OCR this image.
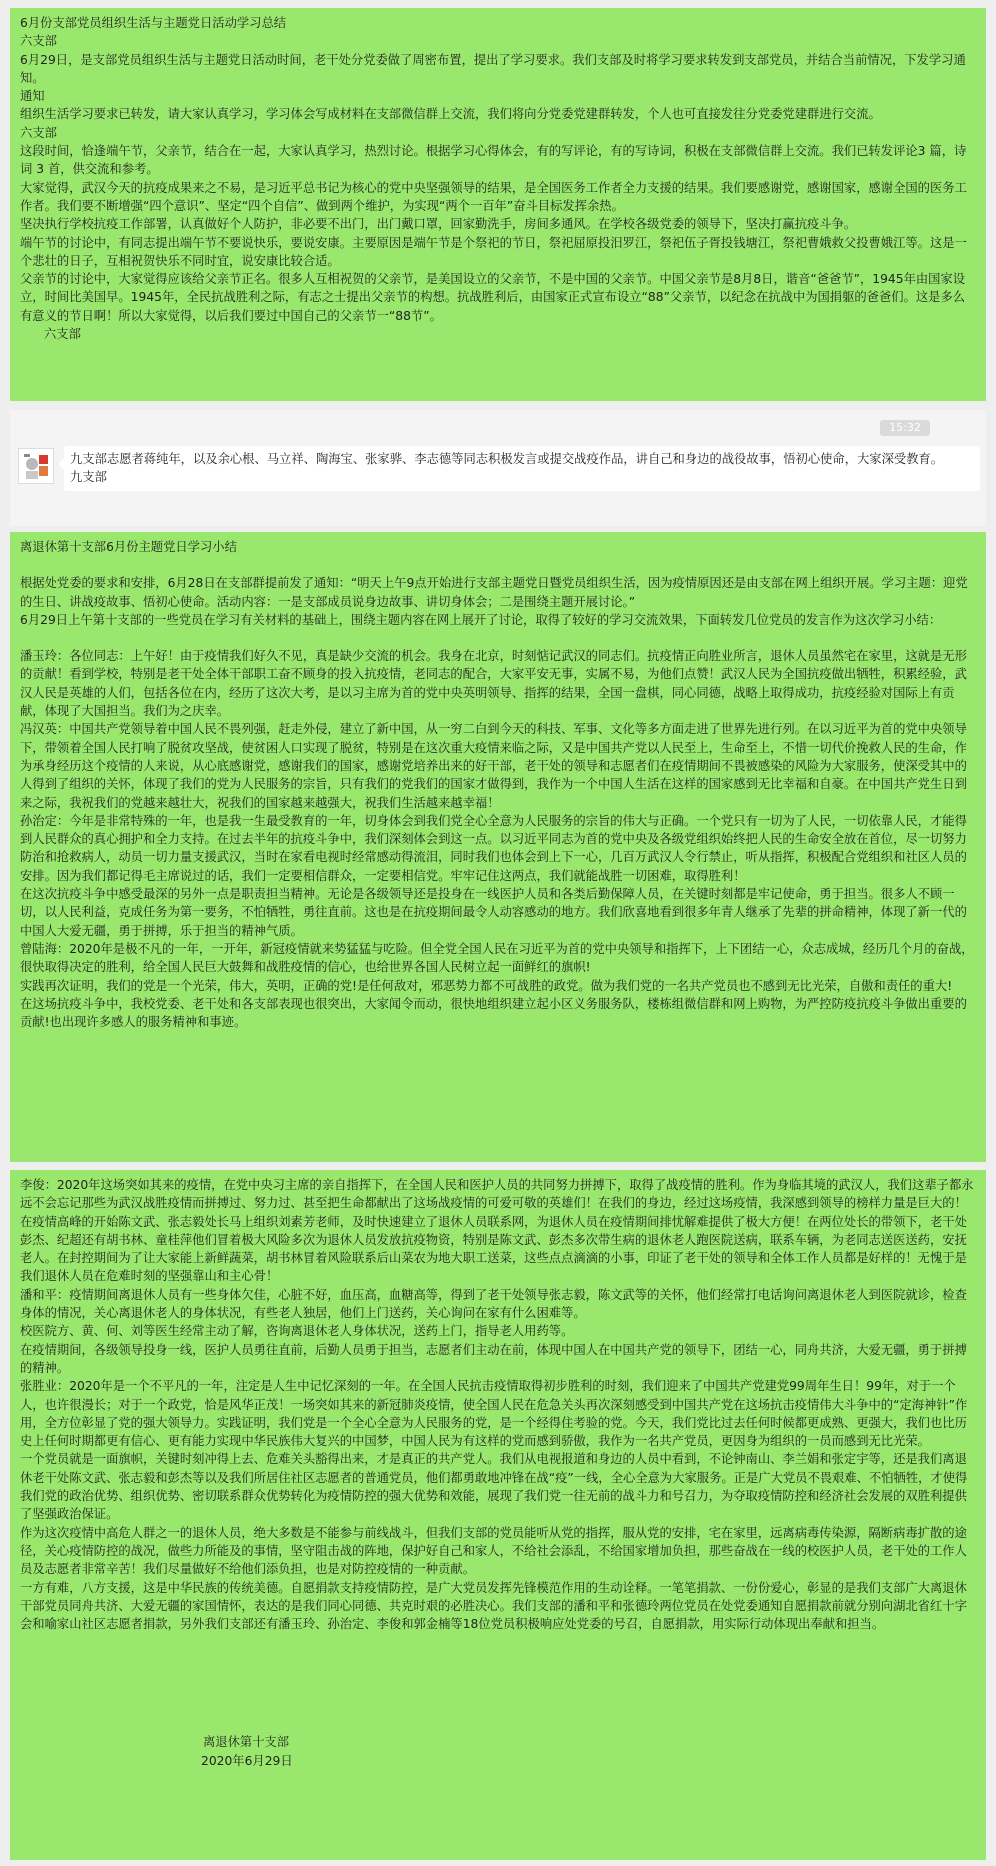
6月份支部党员组织生活与主题党日活动学习总结
六支部
6月29日，是支部党员组织生活与主题党日活动时间，老干处分党委做了周密布置，提出了学习要求。我们支部及时将学习要求转发到支部党员，并结合当前情况，下发学习通知。
通知
组织生活学习要求已转发，请大家认真学习，学习体会写成材料在支部微信群上交流，我们将向分党委党建群转发，个人也可直接发往分党委党建群进行交流。
六支部
这段时间，恰逢端午节，父亲节，结合在一起，大家认真学习，热烈讨论。根据学习心得体会，有的写评论，有的写诗词，积极在支部微信群上交流。我们已转发评论3 篇，诗词 3 首，供交流和参考。
大家觉得，武汉今天的抗疫成果来之不易，是习近平总书记为核心的党中央坚强领导的结果，是全国医务工作者全力支援的结果。我们要感谢党，感谢国家，感谢全国的医务工作者。我们要不断增强“四个意识”、坚定“四个自信”、做到两个维护，为实现“两个一百年”奋斗目标发挥余热。
坚决执行学校抗疫工作部署，认真做好个人防护，非必要不出门，出门戴口罩，回家勤洗手，房间多通风。在学校各级党委的领导下，坚决打赢抗疫斗争。
端午节的讨论中，有同志提出端午节不要说快乐，要说安康。主要原因是端午节是个祭祀的节日，祭祀屈原投汨罗江，祭祀伍子胥投钱塘江，祭祀曹娥救父投曹娥江等。这是一个悲壮的日子，互相祝贺快乐不同时宜，说安康比较合适。
父亲节的讨论中，大家觉得应该给父亲节正名。很多人互相祝贺的父亲节，是美国设立的父亲节，不是中国的父亲节。中国父亲节是8月8日，谐音“爸爸节”，1945年由国家设立，时间比美国早。1945年，全民抗战胜利之际，有志之士提出父亲节的构想。抗战胜利后，由国家正式宣布设立“88”父亲节，以纪念在抗战中为国捐躯的爸爸们。这是多么有意义的节日啊！所以大家觉得，以后我们要过中国自己的父亲节一“88节”。
六支部
15:32
九支部志愿者蒋纯年，以及余心根、马立祥、陶海宝、张家骅、李志德等同志积极发言或提交战疫作品，讲自己和身边的战役故事，悟初心使命，大家深受教育。
九支部
离退休第十支部6月份主题党日学习小结
根据处党委的要求和安排，6月28日在支部群提前发了通知：“明天上午9点开始进行支部主题党日暨党员组织生活，因为疫情原因还是由支部在网上组织开展。学习主题：迎党的生日、讲战疫故事、悟初心使命。活动内容：一是支部成员说身边故事、讲切身体会；二是围绕主题开展讨论。”
6月29日上午第十支部的一些党员在学习有关材料的基础上，围绕主题内容在网上展开了讨论，取得了较好的学习交流效果，下面转发几位党员的发言作为这次学习小结：
潘玉玲：各位同志：上午好！由于疫情我们好久不见，真是缺少交流的机会。我身在北京，时刻惦记武汉的同志们。抗疫情正向胜业所言，退休人员虽然宅在家里，这就是无形的贡献！看到学校，特别是老干处全体干部职工奋不顾身的投入抗疫情，老同志的配合，大家平安无事，实属不易，为他们点赞！武汉人民为全国抗疫做出牺牲，积累经验，武汉人民是英雄的人们，包括各位在内，经历了这次大考，是以习主席为首的党中央英明领导、指挥的结果，全国一盘棋，同心同德，战略上取得成功，抗疫经验对国际上有贡献，体现了大国担当。我们为之庆幸。
冯汉英：中国共产党领导着中国人民不畏列强，赶走外侵，建立了新中国，从一穷二白到今天的科技、军事、文化等多方面走进了世界先进行列。在以习近平为首的党中央领导下，带领着全国人民打响了脱贫攻坚战，使贫困人口实现了脱贫，特别是在这次重大疫情来临之际，又是中国共产党以人民至上，生命至上，不惜一切代价挽救人民的生命，作为承身经历这个疫情的人来说，从心底感谢党，感谢我们的国家，感谢党培养出来的好干部，老干处的领导和志愿者们在疫情期间不畏被感染的风险为大家服务，使深受其中的人得到了组织的关怀，体现了我们的党为人民服务的宗旨，只有我们的党我们的国家才做得到，我作为一个中国人生活在这样的国家感到无比幸福和自豪。在中国共产党生日到来之际，我祝我们的党越来越壮大，祝我们的国家越来越强大，祝我们生活越来越幸福！
孙治定：今年是非常特殊的一年，也是我一生最受教育的一年，切身体会到我们党全心全意为人民服务的宗旨的伟大与正确。一个党只有一切为了人民，一切依靠人民，才能得到人民群众的真心拥护和全力支持。在过去半年的抗疫斗争中，我们深刻体会到这一点。以习近平同志为首的党中央及各级党组织始终把人民的生命安全放在首位，尽一切努力防治和抢救病人，动员一切力量支援武汉，当时在家看电视时经常感动得流泪，同时我们也体会到上下一心，几百万武汉人令行禁止，听从指挥，积极配合党组织和社区人员的安排。因为我们都记得毛主席说过的话，我们一定要相信群众，一定要相信党。牢牢记住这两点，我们就能战胜一切困难，取得胜利！
在这次抗疫斗争中感受最深的另外一点是职责担当精神。无论是各级领导还是投身在一线医护人员和各类后勤保障人员，在关键时刻都是牢记使命，勇于担当。很多人不顾一切，以人民利益，克成任务为第一要务，不怕牺牲，勇往直前。这也是在抗疫期间最令人动容感动的地方。我们欣喜地看到很多年青人继承了先辈的拼命精神，体现了新一代的中国人大爱无疆，勇于拼搏，乐于担当的精神气质。
曾陆海：2020年是极不凡的一年，一开年，新冠疫情就来势猛猛与吃险。但全党全国人民在习近平为首的党中央领导和指挥下，上下团结一心，众志成城，经历几个月的奋战，很快取得决定的胜利，给全国人民巨大鼓舞和战胜疫情的信心，也给世界各国人民树立起一面鲜红的旗帜!
实践再次证明，我们的党是一个光荣，伟大，英明，正确的党!是任何敌对，邪恶势力都不可战胜的政党。做为我们党的一名共产党员也不感到无比光荣，自傲和责任的重大!
在这场抗疫斗争中，我校党委、老干处和各支部表现也很突出，大家闻令而动，很快地组织建立起小区义务服务队，楼栋组微信群和网上购物，为严控防疫抗疫斗争做出重要的贡献!也出现许多感人的服务精神和事迹。
李俊：2020年这场突如其来的疫情，在党中央习主席的亲自指挥下，在全国人民和医护人员的共同努力拼搏下，取得了战疫情的胜利。作为身临其境的武汉人，我们这辈子都永远不会忘记那些为武汉战胜疫情而拼搏过、努力过、甚至把生命都献出了这场战疫情的可爱可敬的英雄们！在我们的身边，经过这场疫情，我深感到领导的榜样力量是巨大的！在疫情高峰的开始陈文武、张志毅处长马上组织刘素芳老师，及时快速建立了退休人员联系网，为退休人员在疫情期间排忧解难提供了极大方便！在两位处长的带领下，老干处彭杰、纪超还有胡书林、童桂萍他们冒着极大风险多次为退休人员发放抗疫物资，特别是陈文武、彭杰多次带生病的退休老人跑医院送病，联系车辆，为老同志送医送药，安抚老人。在封控期间为了让大家能上新鲜蔬菜，胡书林冒着风险联系后山菜农为地大职工送菜，这些点点滴滴的小事，印证了老干处的领导和全体工作人员都是好样的！无愧于是我们退休人员在危难时刻的坚强靠山和主心骨！
潘和平：疫情期间离退休人员有一些身体欠佳，心脏不好，血压高，血糖高等，得到了老干处领导张志毅，陈文武等的关怀，他们经常打电话询问离退休老人到医院就诊，检查身体的情况，关心离退休老人的身体状况，有些老人独居，他们上门送药，关心询问在家有什么困难等。
校医院方、黄、何、刘等医生经常主动了解，咨询离退休老人身体状况，送药上门，指导老人用药等。
在疫情期间，各级领导投身一线，医护人员勇往直前，后勤人员勇于担当，志愿者们主动在前，体现中国人在中国共产党的领导下，团结一心，同舟共济，大爱无疆，勇于拼搏的精神。
张胜业：2020年是一个不平凡的一年，注定是人生中记忆深刻的一年。在全国人民抗击疫情取得初步胜利的时刻，我们迎来了中国共产党建党99周年生日！99年，对于一个人，也许很漫长；对于一个政党，恰是风华正茂！一场突如其来的新冠肺炎疫情，使全国人民在危急关头再次深刻感受到中国共产党在这场抗击疫情伟大斗争中的“定海神针”作用，全方位彰显了党的强大领导力。实践证明，我们党是一个全心全意为人民服务的党，是一个经得住考验的党。今天，我们党比过去任何时候都更成熟、更强大，我们也比历史上任何时期都更有信心、更有能力实现中华民族伟大复兴的中国梦，中国人民为有这样的党而感到骄傲，我作为一名共产党员，更因身为组织的一员而感到无比光荣。
一个党员就是一面旗帜，关键时刻冲得上去、危难关头豁得出来，才是真正的共产党人。我们从电视报道和身边的人员中看到，不论钟南山、李兰娟和张定宇等，还是我们离退休老干处陈文武、张志毅和彭杰等以及我们所居住社区志愿者的普通党员，他们都勇敢地冲锋在战“疫”一线，全心全意为大家服务。正是广大党员不畏艰难、不怕牺牲，才使得我们党的政治优势、组织优势、密切联系群众优势转化为疫情防控的强大优势和效能，展现了我们党一往无前的战斗力和号召力，为夺取疫情防控和经济社会发展的双胜利提供了坚强政治保证。
作为这次疫情中高危人群之一的退休人员，绝大多数是不能参与前线战斗，但我们支部的党员能听从党的指挥，服从党的安排，宅在家里，远离病毒传染源，隔断病毒扩散的途径，关心疫情防控的战况，做些力所能及的事情，坚守阻击战的阵地，保护好自己和家人，不给社会添乱，不给国家增加负担，那些奋战在一线的校医护人员，老干处的工作人员及志愿者非常辛苦！我们尽量做好不给他们添负担，也是对防控疫情的一种贡献。
一方有难，八方支援，这是中华民族的传统美德。自愿捐款支持疫情防控，是广大党员发挥先锋模范作用的生动诠释。一笔笔捐款、一份份爱心，彰显的是我们支部广大离退休干部党员同舟共济、大爱无疆的家国情怀，表达的是我们同心同德、共克时艰的必胜决心。我们支部的潘和平和张德玲两位党员在处党委通知自愿捐款前就分别向湖北省红十字会和喻家山社区志愿者捐款，另外我们支部还有潘玉玲、孙治定、李俊和郭金楠等18位党员积极响应处党委的号召，自愿捐款，用实际行动体现出奉献和担当。
离退休第十支部
2020年6月29日
